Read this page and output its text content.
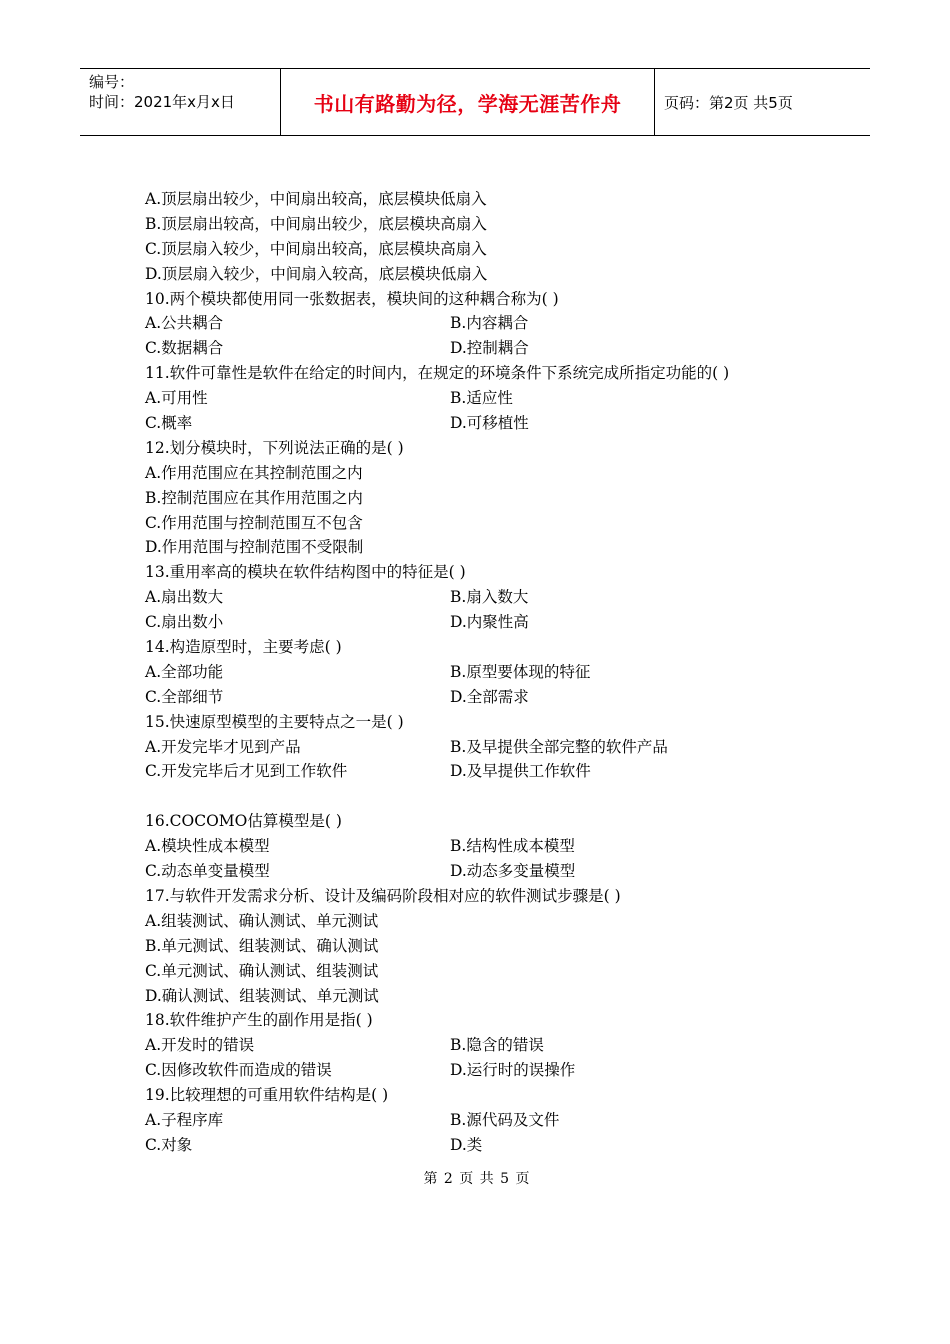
编号：
时间：2021年x月x日	书山有路勤为径，学海无涯苦作舟	页码：第2页 共5页
A.顶层扇出较少，中间扇出较高，底层模块低扇入
B.顶层扇出较高，中间扇出较少，底层模块高扇入
C.顶层扇入较少，中间扇出较高，底层模块高扇入
D.顶层扇入较少，中间扇入较高，底层模块低扇入
10.两个模块都使用同一张数据表，模块间的这种耦合称为( )
A.公共耦合	B.内容耦合
C.数据耦合	D.控制耦合
11.软件可靠性是软件在给定的时间内，在规定的环境条件下系统完成所指定功能的( )
A.可用性	B.适应性
C.概率	D.可移植性
12.划分模块时，下列说法正确的是( )
A.作用范围应在其控制范围之内
B.控制范围应在其作用范围之内
C.作用范围与控制范围互不包含
D.作用范围与控制范围不受限制
13.重用率高的模块在软件结构图中的特征是( )
A.扇出数大	B.扇入数大
C.扇出数小	D.内聚性高
14.构造原型时，主要考虑( )
A.全部功能	B.原型要体现的特征
C.全部细节	D.全部需求
15.快速原型模型的主要特点之一是( )
A.开发完毕才见到产品	B.及早提供全部完整的软件产品
C.开发完毕后才见到工作软件	D.及早提供工作软件
16.COCOMO估算模型是( )
A.模块性成本模型	B.结构性成本模型
C.动态单变量模型	D.动态多变量模型
17.与软件开发需求分析、设计及编码阶段相对应的软件测试步骤是( )
A.组装测试、确认测试、单元测试
B.单元测试、组装测试、确认测试
C.单元测试、确认测试、组装测试
D.确认测试、组装测试、单元测试
18.软件维护产生的副作用是指( )
A.开发时的错误	B.隐含的错误
C.因修改软件而造成的错误	D.运行时的误操作
19.比较理想的可重用软件结构是( )
A.子程序库	B.源代码及文件
C.对象	D.类
第 2 页 共 5 页
